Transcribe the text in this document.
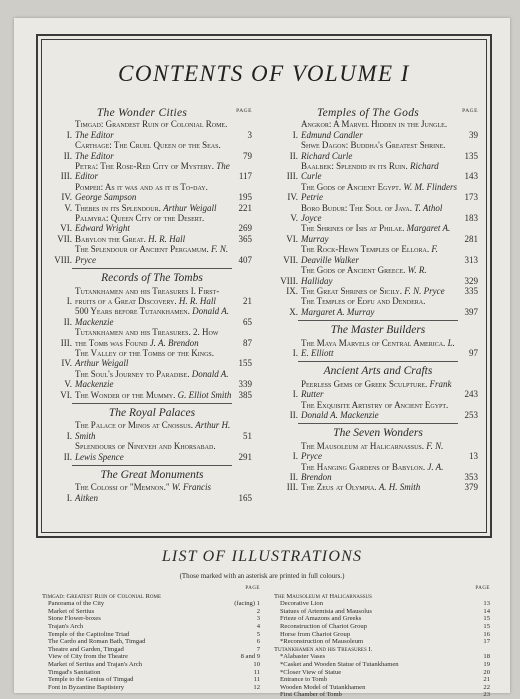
CONTENTS OF VOLUME I
The Wonder Cities	PAGE
I.
Timgad: Grandest Ruin of Colonial Rome. The Editor	3
II.
Carthage: The Cruel Queen of the Seas. The Editor	79
III.
Petra: The Rose-Red City of Mystery. The Editor	117
IV.
Pompeii: As it was and as it is To-day. George Sampson	195
V. Thebes in its Splendour. Arthur Weigall	221
VI.
Palmyra: Queen City of the Desert. Edward Wright	269
VII. Babylon the Great. H. R. Hall	365
VIII.
The Splendour of Ancient Pergamum. F. N. Pryce	407
Records of The Tombs
I.
Tutankhamen and his Treasures I. First-fruits of a Great Discovery. H. R. Hall	21
II.
500 Years before Tutankhamen. Donald A. Mackenzie	65
III.
Tutankhamen and his Treasures. 2. How the Tomb was Found J. A. Brendon	87
IV.
The Valley of the Tombs of the Kings. Arthur Weigall	155
V.
The Soul's Journey to Paradise. Donald A. Mackenzie	339
VI. The Wonder of the Mummy. G. Elliot Smith 385
The Royal Palaces
I.
The Palace of Minos at Cnossus. Arthur H. Smith	51
II.
Splendours of Nineveh and Khorsabad. Lewis Spence	291
The Great Monuments
I.
The Colossi of "Memnon." W. Francis Aitken	165
Temples of The Gods	PAGE
I.
Angkor: A Marvel Hidden in the Jungle. Edmund Candler	39
II.
Shwe Dagon: Buddha's Greatest Shrine. Richard Curle	135
III.
Baalbek: Splendid in its Ruin. Richard Curle	143
IV.
The Gods of Ancient Egypt. W. M. Flinders Petrie	173
V.
Boro Budur: The Soul of Java. T. Athol Joyce	183
VI.
The Shrines of Isis at Philae. Margaret A. Murray	281
VII.
The Rock-Hewn Temples of Ellora. F. Deaville Walker	313
VIII.
The Gods of Ancient Greece. W. R. Halliday	329
IX. The Great Shrines of Sicily. F. N. Pryce	335
X.
The Temples of Edfu and Dendera. Margaret A. Murray	397
The Master Builders
I.
The Maya Marvels of Central America. L. E. Elliott	97
Ancient Arts and Crafts
I.
Peerless Gems of Greek Sculpture. Frank Rutter	243
II.
The Exquisite Artistry of Ancient Egypt. Donald A. Mackenzie	253
The Seven Wonders
I.
The Mausoleum at Halicarnassus. F. N. Pryce	13
II.
The Hanging Gardens of Babylon. J. A. Brendon	353
III. The Zeus at Olympia. A. H. Smith	379
LIST OF ILLUSTRATIONS
(Those marked with an asterisk are printed in full colours.)
PAGE
Timgad: Greatest Ruin of Colonial Rome
Panorama of the City	(facing) 1
Market of Sertius	2
Stone Flower-boxes	3
Trajan's Arch	4
Temple of the Capitoline Triad	5
The Cardo and Roman Bath, Timgad	6
Theatre and Garden, Timgad	7
View of City from the Theatre	8 and 9
Market of Sertius and Trajan's Arch	10
Timgad's Sanitation	11
Temple to the Genius of Timgad	11
Font in Byzantine Baptistery	12
PAGE
The Mausoleum at Halicarnassus
Decorative Lion	13
Statues of Artemisia and Mausolus	14
Frieze of Amazons and Greeks	15
Reconstruction of Chariot Group	15
Horse from Chariot Group	16
*Reconstruction of Mausoleum	17
Tutankhamen and his Treasures I.
*Alabaster Vases	18
*Casket and Wooden Statue of Tutankhamen	19
*Closer View of Statue	20
Entrance to Tomb	21
Wooden Model of Tutankhamen	22
First Chamber of Tomb	23
